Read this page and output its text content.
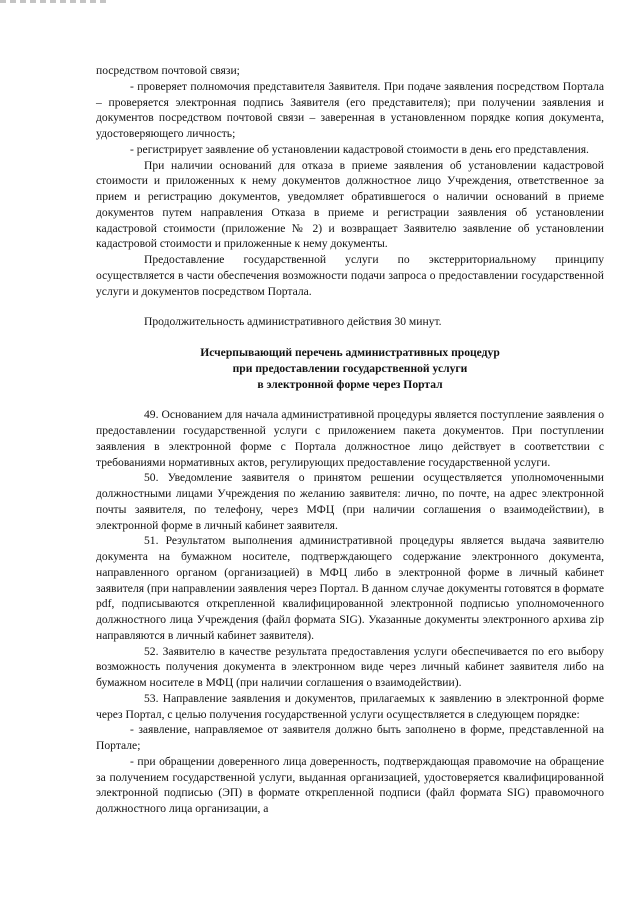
посредством почтовой связи;

- проверяет полномочия представителя Заявителя. При подаче заявления посредством Портала – проверяется электронная подпись Заявителя (его представителя); при получении заявления и документов посредством почтовой связи – заверенная в установленном порядке копия документа, удостоверяющего личность;

- регистрирует заявление об установлении кадастровой стоимости в день его представления.

При наличии оснований для отказа в приеме заявления об установлении кадастровой стоимости и приложенных к нему документов должностное лицо Учреждения, ответственное за прием и регистрацию документов, уведомляет обратившегося о наличии оснований в приеме документов путем направления Отказа в приеме и регистрации заявления об установлении кадастровой стоимости (приложение № 2) и возвращает Заявителю заявление об установлении кадастровой стоимости и приложенные к нему документы.

Предоставление государственной услуги по экстерриториальному принципу осуществляется в части обеспечения возможности подачи запроса о предоставлении государственной услуги и документов посредством Портала.

Продолжительность административного действия 30 минут.

Исчерпывающий перечень административных процедур

при предоставлении государственной услуги

в электронной форме через Портал

49. Основанием для начала административной процедуры является поступление заявления о предоставлении государственной услуги с приложением пакета документов. При поступлении заявления в электронной форме с Портала должностное лицо действует в соответствии с требованиями нормативных актов, регулирующих предоставление государственной услуги.

50. Уведомление заявителя о принятом решении осуществляется уполномоченными должностными лицами Учреждения по желанию заявителя: лично, по почте, на адрес электронной почты заявителя, по телефону, через МФЦ (при наличии соглашения о взаимодействии), в электронной форме в личный кабинет заявителя.

51. Результатом выполнения административной процедуры является выдача заявителю документа на бумажном носителе, подтверждающего содержание электронного документа, направленного органом (организацией) в МФЦ либо в электронной форме в личный кабинет заявителя (при направлении заявления через Портал. В данном случае документы готовятся в формате pdf, подписываются открепленной квалифицированной электронной подписью уполномоченного должностного лица Учреждения (файл формата SIG). Указанные документы электронного архива zip направляются в личный кабинет заявителя).

52. Заявителю в качестве результата предоставления услуги обеспечивается по его выбору возможность получения документа в электронном виде через личный кабинет заявителя либо на бумажном носителе в МФЦ (при наличии соглашения о взаимодействии).

53. Направление заявления и документов, прилагаемых к заявлению в электронной форме через Портал, с целью получения государственной услуги осуществляется в следующем порядке:

- заявление, направляемое от заявителя должно быть заполнено в форме, представленной на Портале;

- при обращении доверенного лица доверенность, подтверждающая правомочие на обращение за получением государственной услуги, выданная организацией, удостоверяется квалифицированной электронной подписью (ЭП) в формате открепленной подписи (файл формата SIG) правомочного должностного лица организации, а
